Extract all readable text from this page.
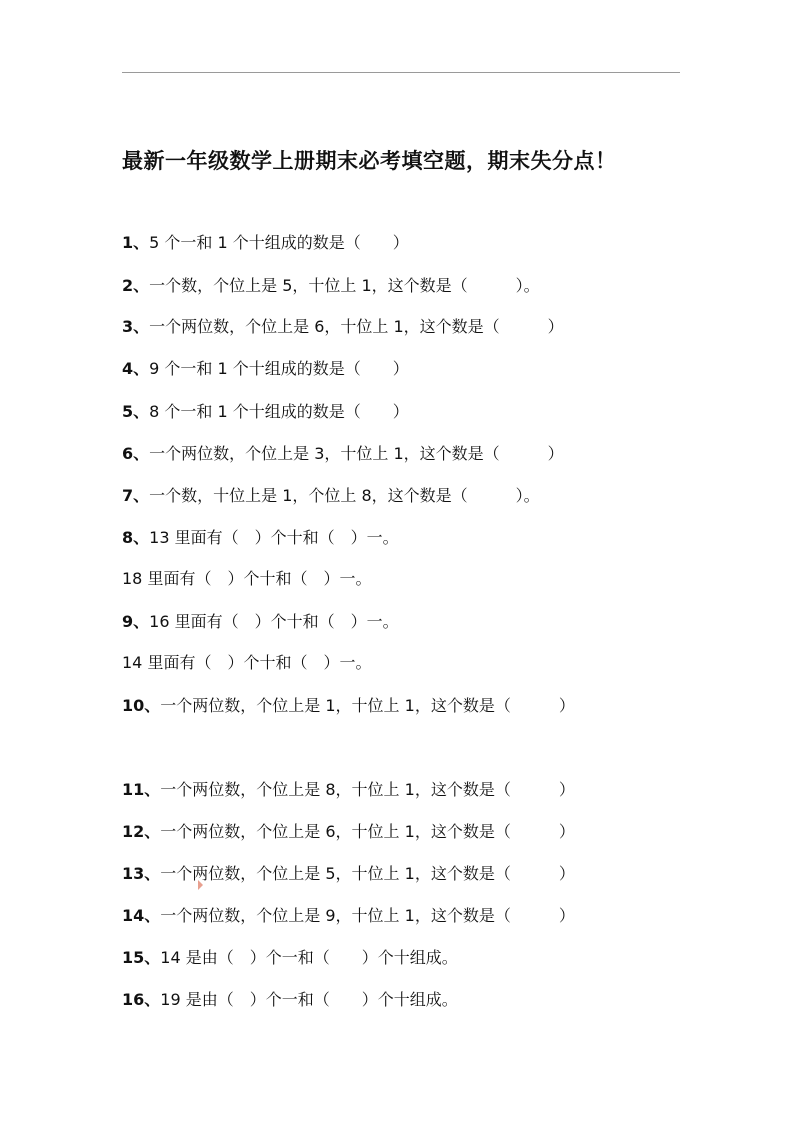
最新一年级数学上册期末必考填空题，期末失分点！
1、5 个一和 1 个十组成的数是（　　）
2、一个数，个位上是 5，十位上 1，这个数是（　　　）。
3、一个两位数，个位上是 6，十位上 1，这个数是（　　　）
4、9 个一和 1 个十组成的数是（　　）
5、8 个一和 1 个十组成的数是（　　）
6、一个两位数，个位上是 3，十位上 1，这个数是（　　　）
7、一个数，十位上是 1，个位上 8，这个数是（　　　）。
8、13 里面有（　）个十和（　）一。
18 里面有（　）个十和（　）一。
9、16 里面有（　）个十和（　）一。
14 里面有（　）个十和（　）一。
10、一个两位数，个位上是 1，十位上 1，这个数是（　　　）
11、一个两位数，个位上是 8，十位上 1，这个数是（　　　）
12、一个两位数，个位上是 6，十位上 1，这个数是（　　　）
13、一个两位数，个位上是 5，十位上 1，这个数是（　　　）
14、一个两位数，个位上是 9，十位上 1，这个数是（　　　）
15、14 是由（　）个一和（　　）个十组成。
16、19 是由（　）个一和（　　）个十组成。
